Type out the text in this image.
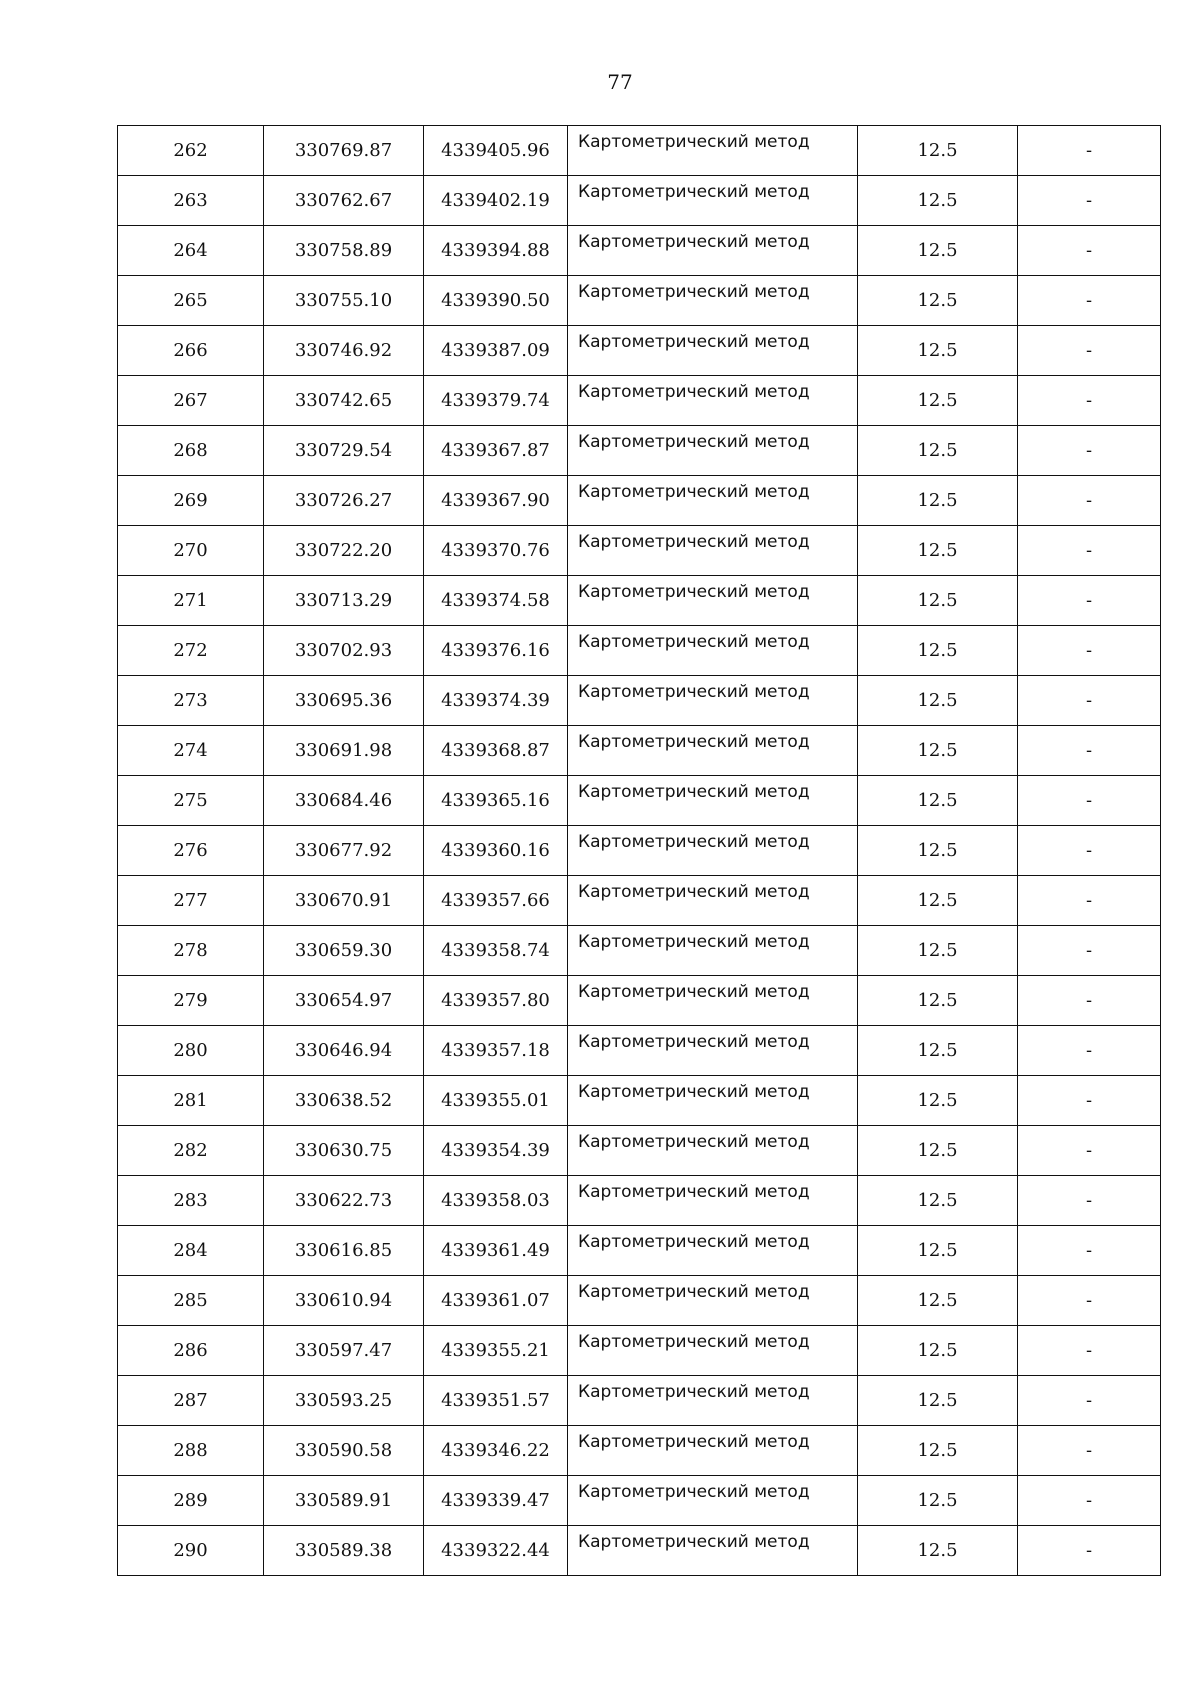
77
262	330769.87	4339405.96	Картометрический метод	12.5	-
263	330762.67	4339402.19	Картометрический метод	12.5	-
264	330758.89	4339394.88	Картометрический метод	12.5	-
265	330755.10	4339390.50	Картометрический метод	12.5	-
266	330746.92	4339387.09	Картометрический метод	12.5	-
267	330742.65	4339379.74	Картометрический метод	12.5	-
268	330729.54	4339367.87	Картометрический метод	12.5	-
269	330726.27	4339367.90	Картометрический метод	12.5	-
270	330722.20	4339370.76	Картометрический метод	12.5	-
271	330713.29	4339374.58	Картометрический метод	12.5	-
272	330702.93	4339376.16	Картометрический метод	12.5	-
273	330695.36	4339374.39	Картометрический метод	12.5	-
274	330691.98	4339368.87	Картометрический метод	12.5	-
275	330684.46	4339365.16	Картометрический метод	12.5	-
276	330677.92	4339360.16	Картометрический метод	12.5	-
277	330670.91	4339357.66	Картометрический метод	12.5	-
278	330659.30	4339358.74	Картометрический метод	12.5	-
279	330654.97	4339357.80	Картометрический метод	12.5	-
280	330646.94	4339357.18	Картометрический метод	12.5	-
281	330638.52	4339355.01	Картометрический метод	12.5	-
282	330630.75	4339354.39	Картометрический метод	12.5	-
283	330622.73	4339358.03	Картометрический метод	12.5	-
284	330616.85	4339361.49	Картометрический метод	12.5	-
285	330610.94	4339361.07	Картометрический метод	12.5	-
286	330597.47	4339355.21	Картометрический метод	12.5	-
287	330593.25	4339351.57	Картометрический метод	12.5	-
288	330590.58	4339346.22	Картометрический метод	12.5	-
289	330589.91	4339339.47	Картометрический метод	12.5	-
290	330589.38	4339322.44	Картометрический метод	12.5	-
